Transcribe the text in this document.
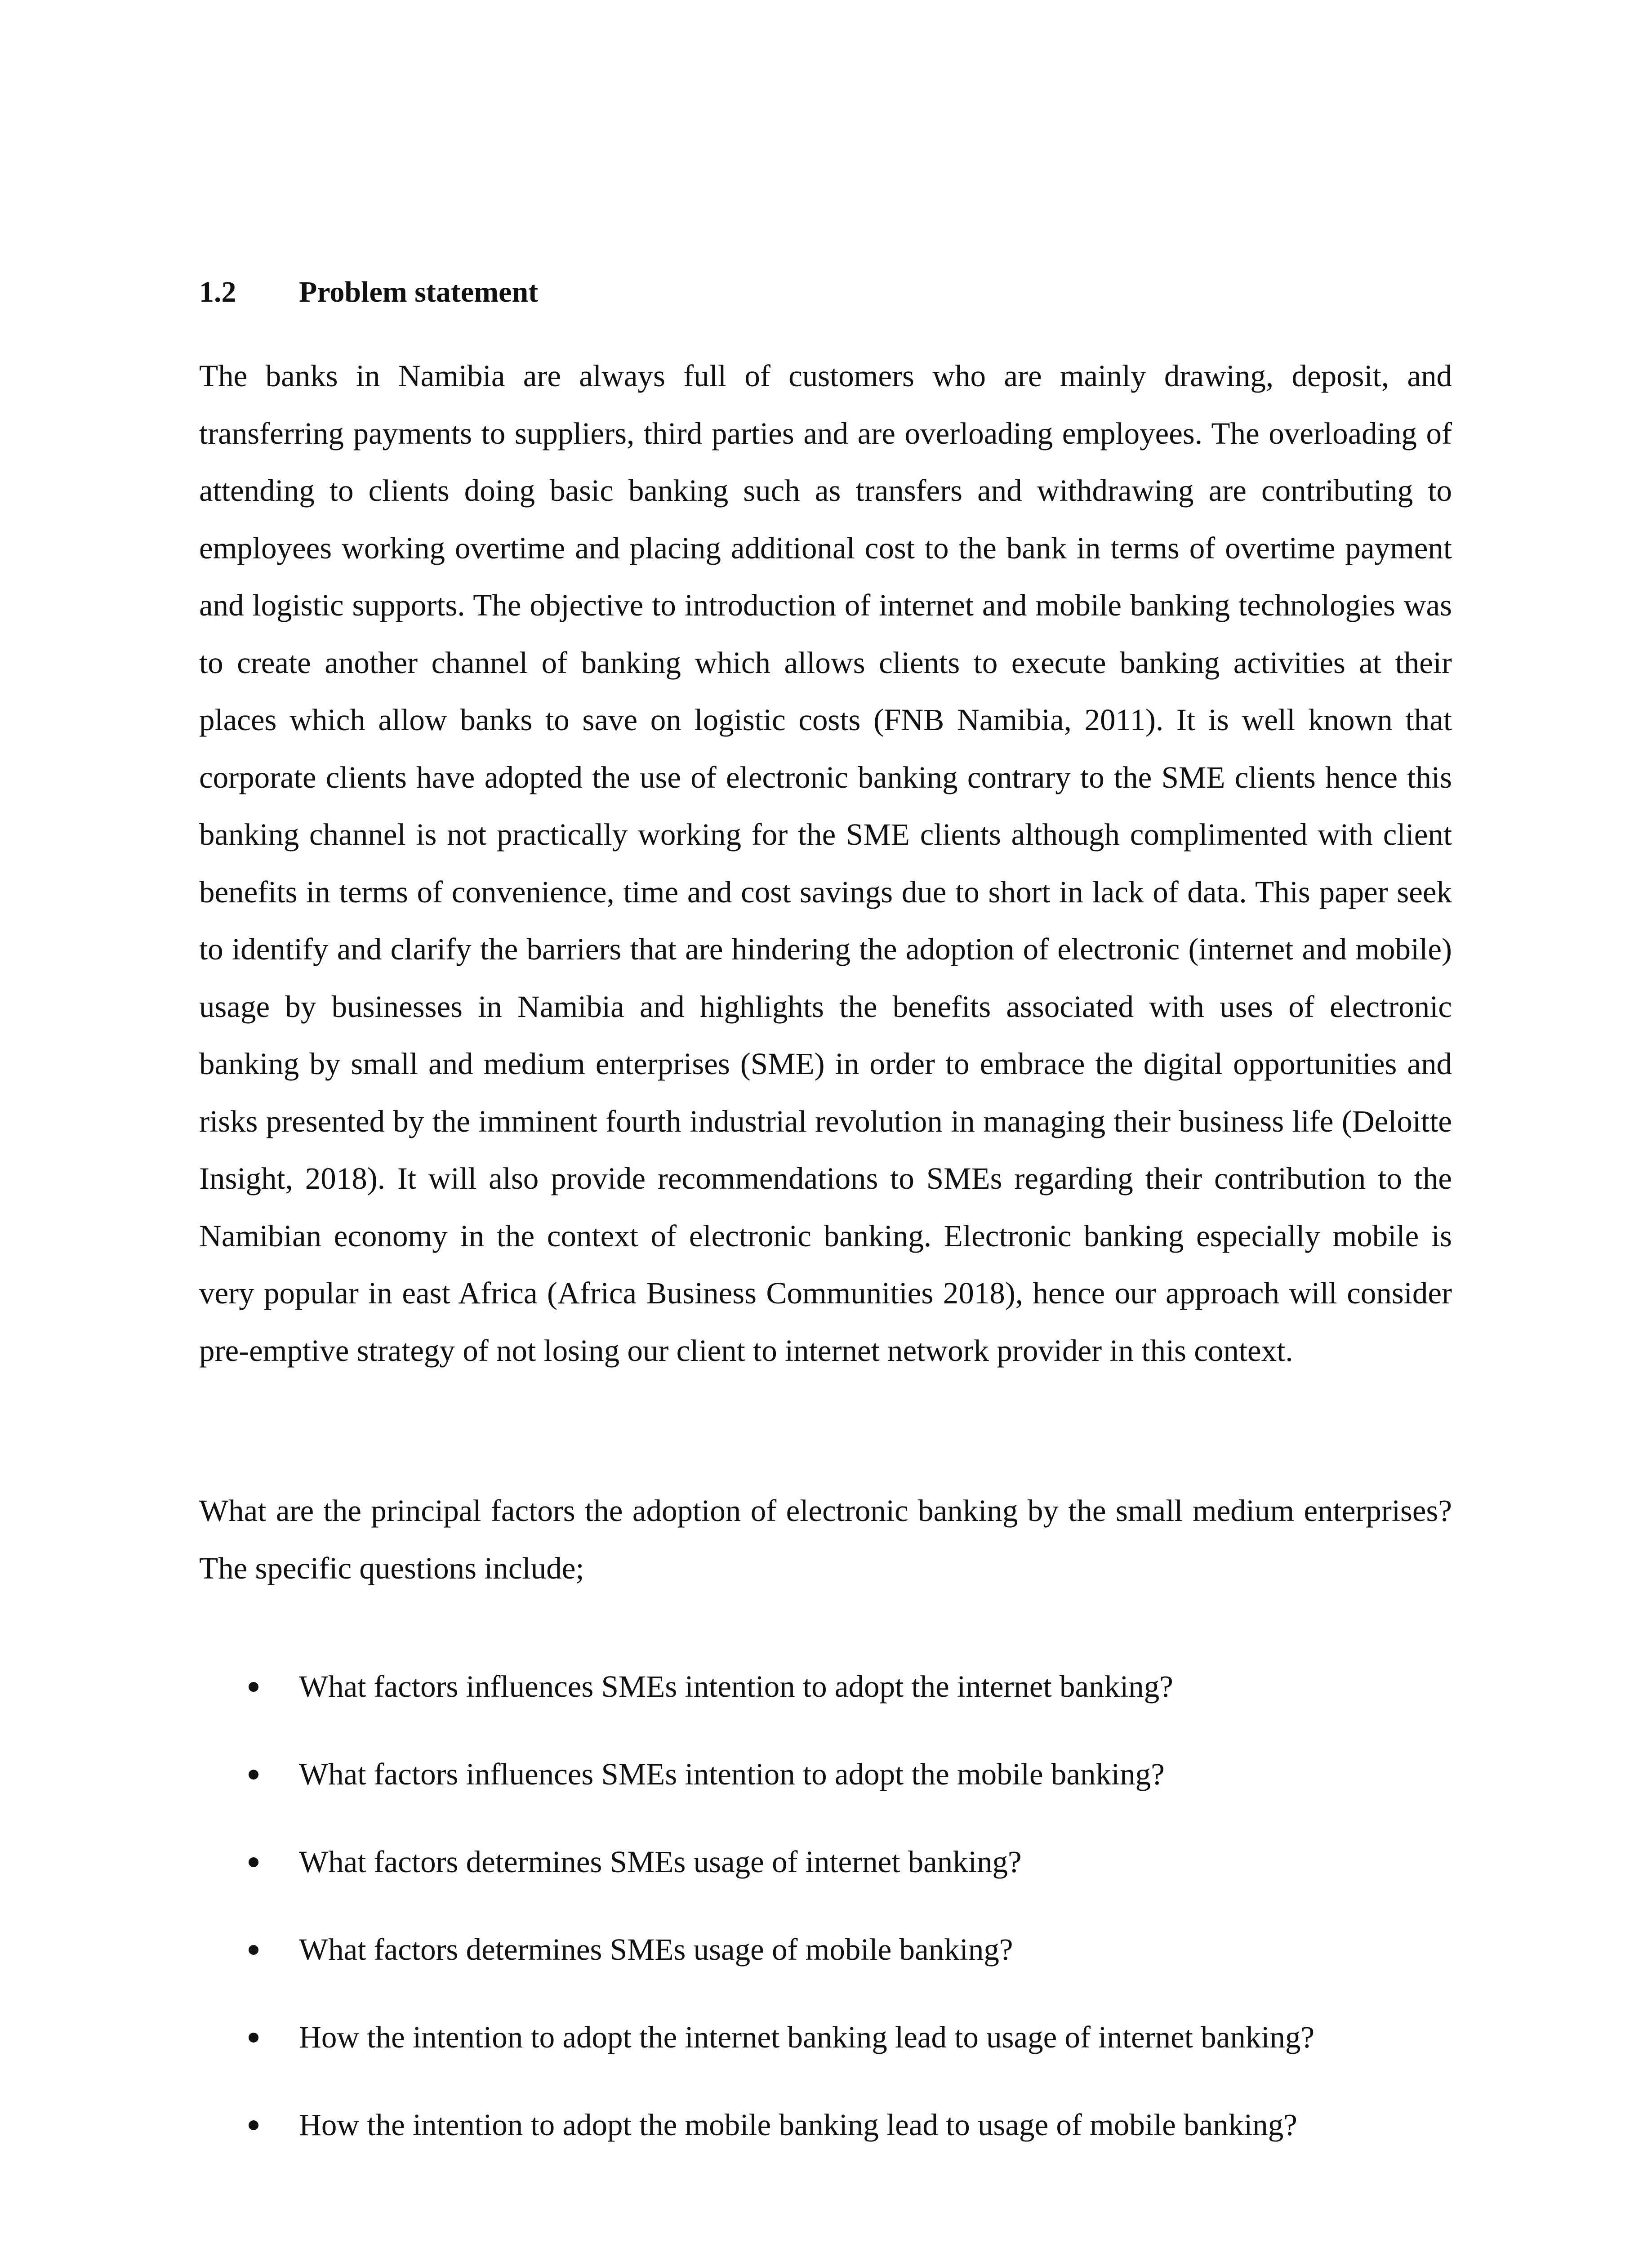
1.2 Problem statement

The banks in Namibia are always full of customers who are mainly drawing, deposit, and transferring payments to suppliers, third parties and are overloading employees. The overloading of attending to clients doing basic banking such as transfers and withdrawing are contributing to employees working overtime and placing additional cost to the bank in terms of overtime payment and logistic supports. The objective to introduction of internet and mobile banking technologies was to create another channel of banking which allows clients to execute banking activities at their places which allow banks to save on logistic costs (FNB Namibia, 2011). It is well known that corporate clients have adopted the use of electronic banking contrary to the SME clients hence this banking channel is not practically working for the SME clients although complimented with client benefits in terms of convenience, time and cost savings due to short in lack of data. This paper seek to identify and clarify the barriers that are hindering the adoption of electronic (internet and mobile) usage by businesses in Namibia and highlights the benefits associated with uses of electronic banking by small and medium enterprises (SME) in order to embrace the digital opportunities and risks presented by the imminent fourth industrial revolution in managing their business life (Deloitte Insight, 2018). It will also provide recommendations to SMEs regarding their contribution to the Namibian economy in the context of electronic banking. Electronic banking especially mobile is very popular in east Africa (Africa Business Communities 2018), hence our approach will consider pre-emptive strategy of not losing our client to internet network provider in this context.

What are the principal factors the adoption of electronic banking by the small medium enterprises? The specific questions include;

What factors influences SMEs intention to adopt the internet banking?
What factors influences SMEs intention to adopt the mobile banking?
What factors determines SMEs usage of internet banking?
What factors determines SMEs usage of mobile banking?
How the intention to adopt the internet banking lead to usage of internet banking?
How the intention to adopt the mobile banking lead to usage of mobile banking?
